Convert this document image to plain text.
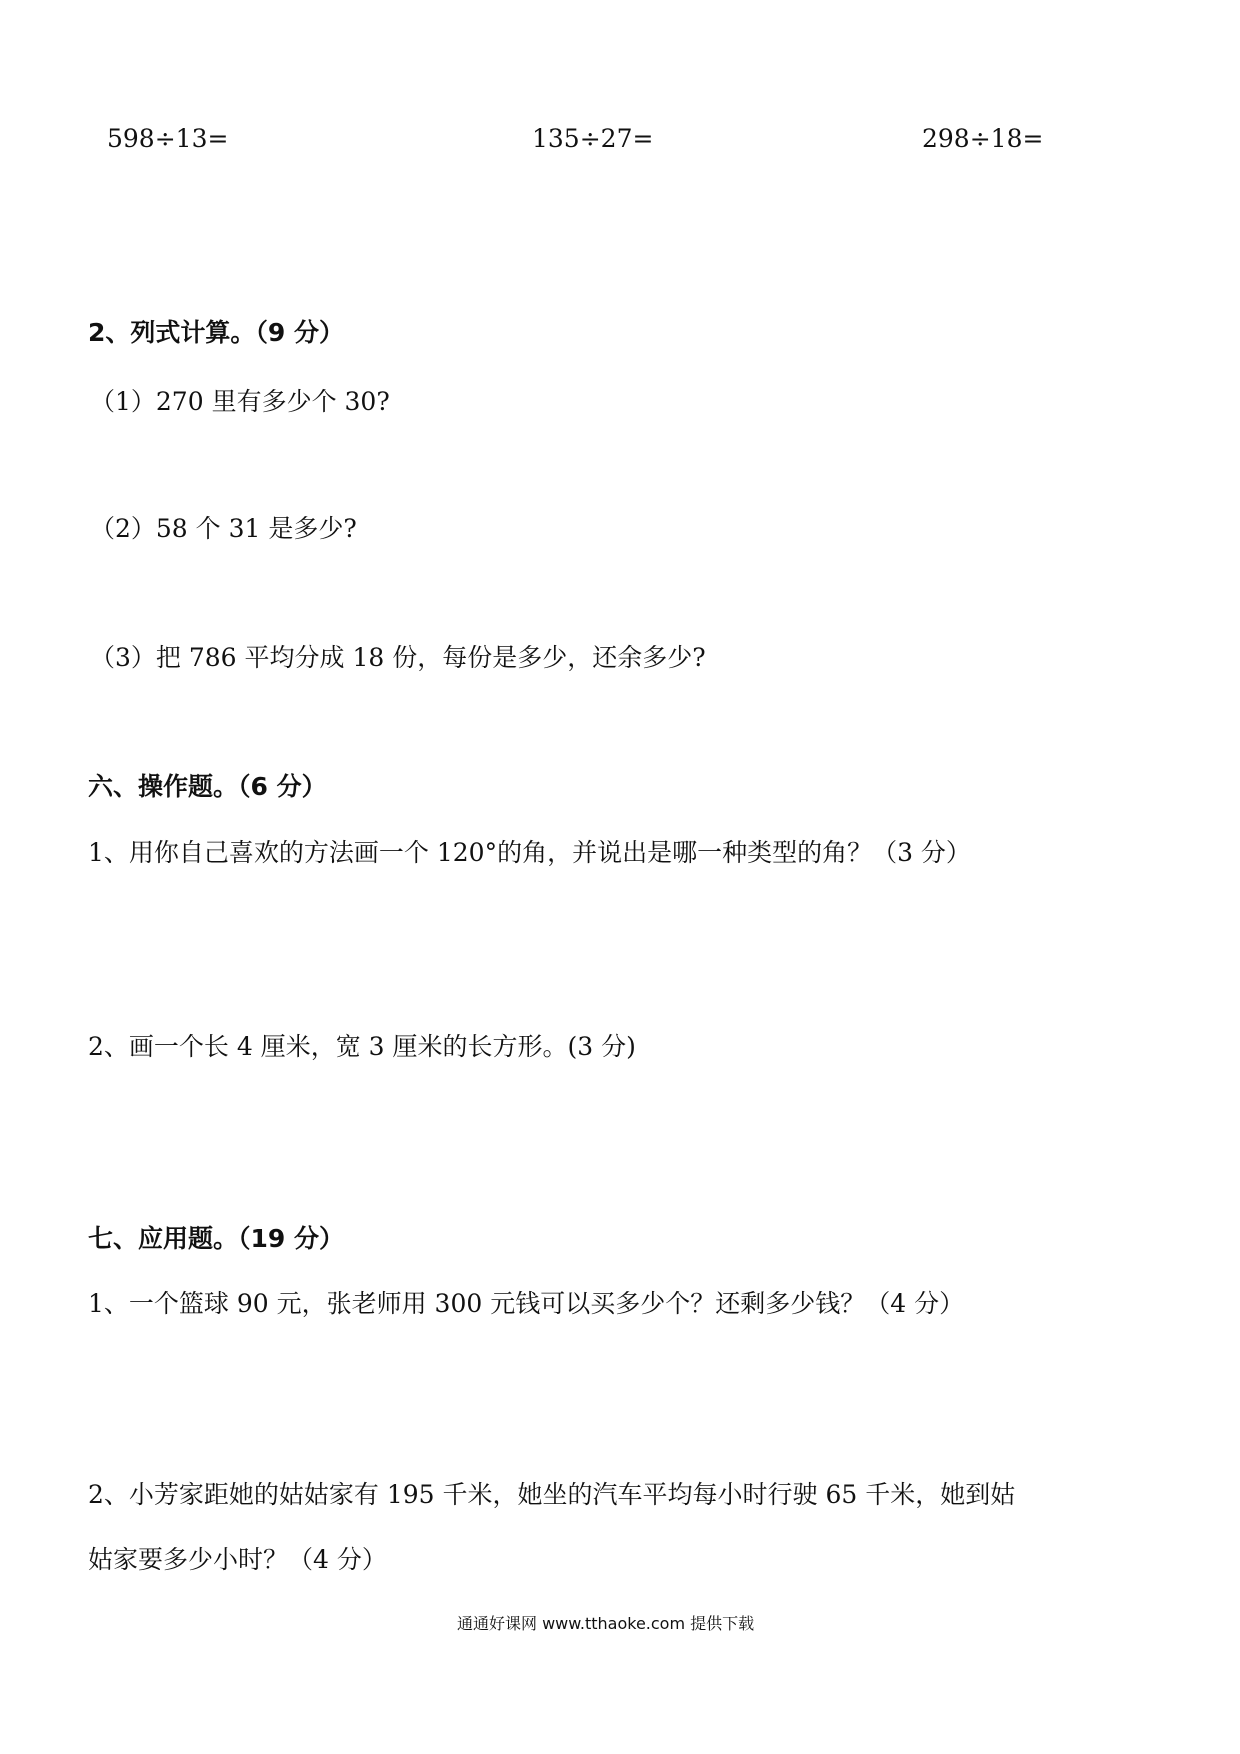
598÷13=	135÷27=	298÷18=
2、列式计算。（9 分）
（1）270 里有多少个 30?
（2）58 个 31 是多少?
（3）把 786 平均分成 18 份，每份是多少，还余多少?
六、操作题。（6 分）
1、用你自己喜欢的方法画一个 120°的角，并说出是哪一种类型的角？（3 分）
2、画一个长 4 厘米，宽 3 厘米的长方形。(3 分)
七、应用题。（19 分）
1、一个篮球 90 元，张老师用 300 元钱可以买多少个？还剩多少钱？（4 分）
2、小芳家距她的姑姑家有 195 千米，她坐的汽车平均每小时行驶 65 千米，她到姑
姑家要多少小时？（4 分）
通通好课网 www.tthaoke.com 提供下载
